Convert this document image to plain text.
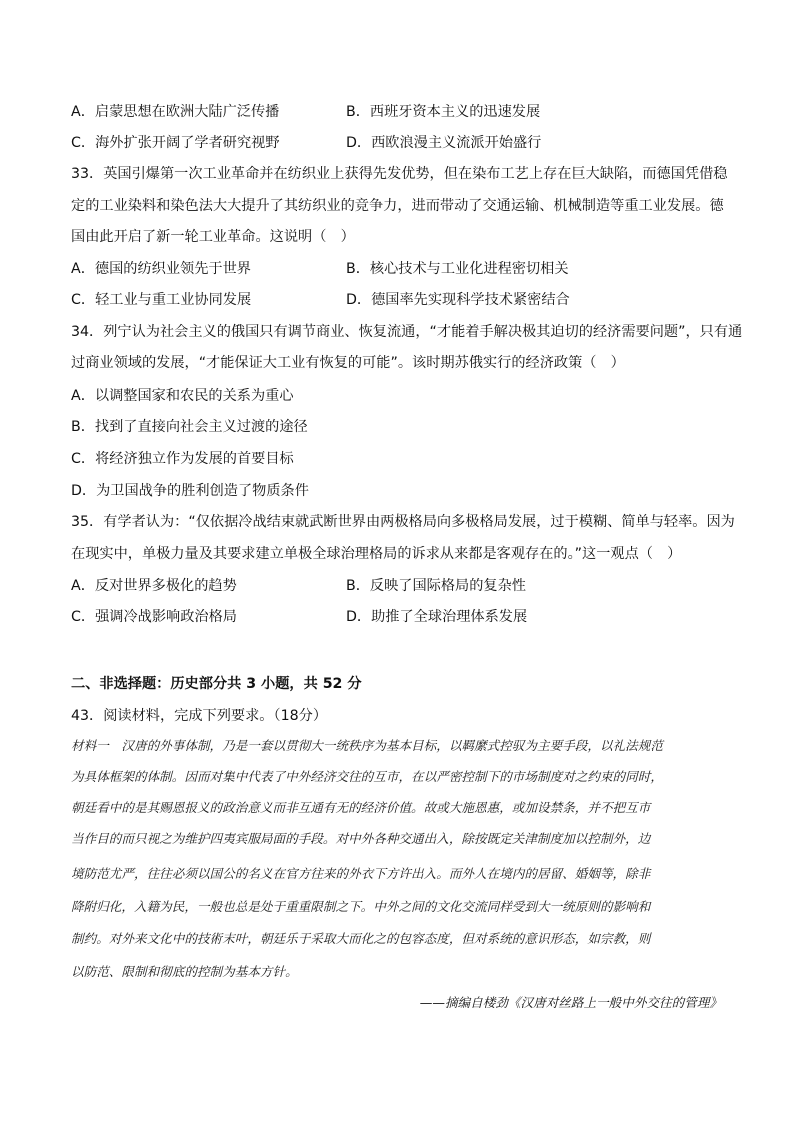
A．启蒙思想在欧洲大陆广泛传播	B．西班牙资本主义的迅速发展
C．海外扩张开阔了学者研究视野	D．西欧浪漫主义流派开始盛行
33．英国引爆第一次工业革命并在纺织业上获得先发优势，但在染布工艺上存在巨大缺陷，而德国凭借稳
定的工业染料和染色法大大提升了其纺织业的竞争力，进而带动了交通运输、机械制造等重工业发展。德
国由此开启了新一轮工业革命。这说明（　）
A．德国的纺织业领先于世界	B．核心技术与工业化进程密切相关
C．轻工业与重工业协同发展	D．德国率先实现科学技术紧密结合
34．列宁认为社会主义的俄国只有调节商业、恢复流通，“才能着手解决极其迫切的经济需要问题”，只有通
过商业领域的发展，“才能保证大工业有恢复的可能”。该时期苏俄实行的经济政策（　）
A．以调整国家和农民的关系为重心
B．找到了直接向社会主义过渡的途径
C．将经济独立作为发展的首要目标
D．为卫国战争的胜利创造了物质条件
35．有学者认为：“仅依据冷战结束就武断世界由两极格局向多极格局发展，过于模糊、简单与轻率。因为
在现实中，单极力量及其要求建立单极全球治理格局的诉求从来都是客观存在的。”这一观点（　）
A．反对世界多极化的趋势	B．反映了国际格局的复杂性
C．强调冷战影响政治格局	D．助推了全球治理体系发展
二、非选择题：历史部分共 3 小题，共 52 分
43．阅读材料，完成下列要求。（18分）
材料一　汉唐的外事体制，乃是一套以贯彻大一统秩序为基本目标，以羁縻式控驭为主要手段，以礼法规范
为具体框架的体制。因而对集中代表了中外经济交往的互市，在以严密控制下的市场制度对之约束的同时，
朝廷看中的是其赐恩报义的政治意义而非互通有无的经济价值。故或大施恩惠，或加设禁条，并不把互市
当作目的而只视之为维护四夷宾服局面的手段。对中外各种交通出入，除按既定关津制度加以控制外，边
境防范尤严，往往必须以国公的名义在官方往来的外衣下方许出入。而外人在境内的居留、婚姻等，除非
降附归化，入籍为民，一般也总是处于重重限制之下。中外之间的文化交流同样受到大一统原则的影响和
制约。对外来文化中的技術末叶，朝廷乐于采取大而化之的包容态度，但对系统的意识形态，如宗教，则
以防范、限制和彻底的控制为基本方针。
——摘编自楼劲《汉唐对丝路上一般中外交往的管理》
